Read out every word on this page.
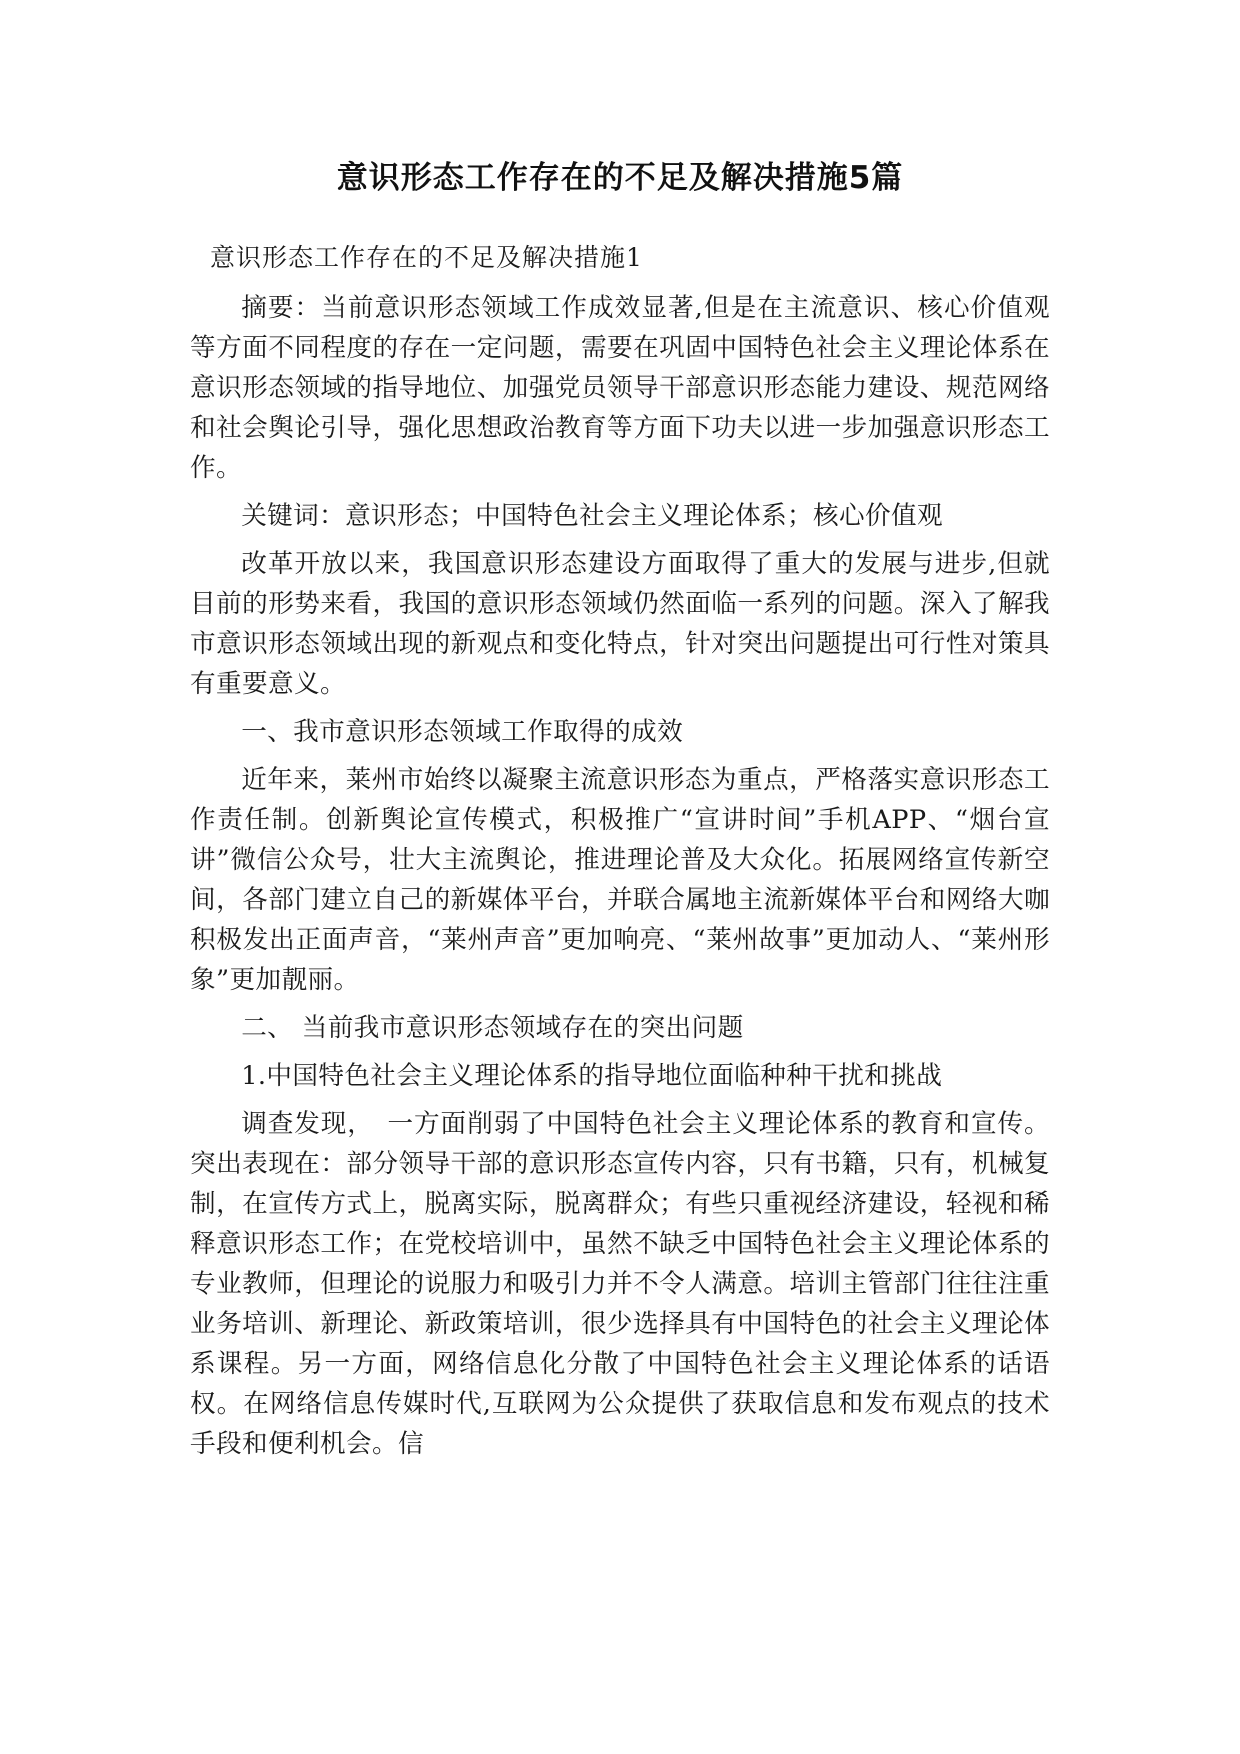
意识形态工作存在的不足及解决措施5篇
意识形态工作存在的不足及解决措施1

摘要：当前意识形态领域工作成效显著,但是在主流意识、核心价值观等方面不同程度的存在一定问题，需要在巩固中国特色社会主义理论体系在意识形态领域的指导地位、加强党员领导干部意识形态能力建设、规范网络和社会舆论引导，强化思想政治教育等方面下功夫以进一步加强意识形态工作。

关键词：意识形态；中国特色社会主义理论体系；核心价值观

改革开放以来，我国意识形态建设方面取得了重大的发展与进步,但就目前的形势来看，我国的意识形态领域仍然面临一系列的问题。深入了解我市意识形态领域出现的新观点和变化特点，针对突出问题提出可行性对策具有重要意义。

一、我市意识形态领域工作取得的成效

近年来，莱州市始终以凝聚主流意识形态为重点，严格落实意识形态工作责任制。创新舆论宣传模式，积极推广“宣讲时间”手机APP、“烟台宣讲”微信公众号，壮大主流舆论，推进理论普及大众化。拓展网络宣传新空间，各部门建立自己的新媒体平台，并联合属地主流新媒体平台和网络大咖积极发出正面声音，“莱州声音”更加响亮、“莱州故事”更加动人、“莱州形象”更加靓丽。

二、 当前我市意识形态领域存在的突出问题

1.中国特色社会主义理论体系的指导地位面临种种干扰和挑战

调查发现，　一方面削弱了中国特色社会主义理论体系的教育和宣传。突出表现在：部分领导干部的意识形态宣传内容，只有书籍，只有，机械复制，在宣传方式上，脱离实际，脱离群众；有些只重视经济建设，轻视和稀释意识形态工作；在党校培训中，虽然不缺乏中国特色社会主义理论体系的专业教师，但理论的说服力和吸引力并不令人满意。培训主管部门往往注重业务培训、新理论、新政策培训，很少选择具有中国特色的社会主义理论体系课程。另一方面，网络信息化分散了中国特色社会主义理论体系的话语权。在网络信息传媒时代,互联网为公众提供了获取信息和发布观点的技术手段和便利机会。信
